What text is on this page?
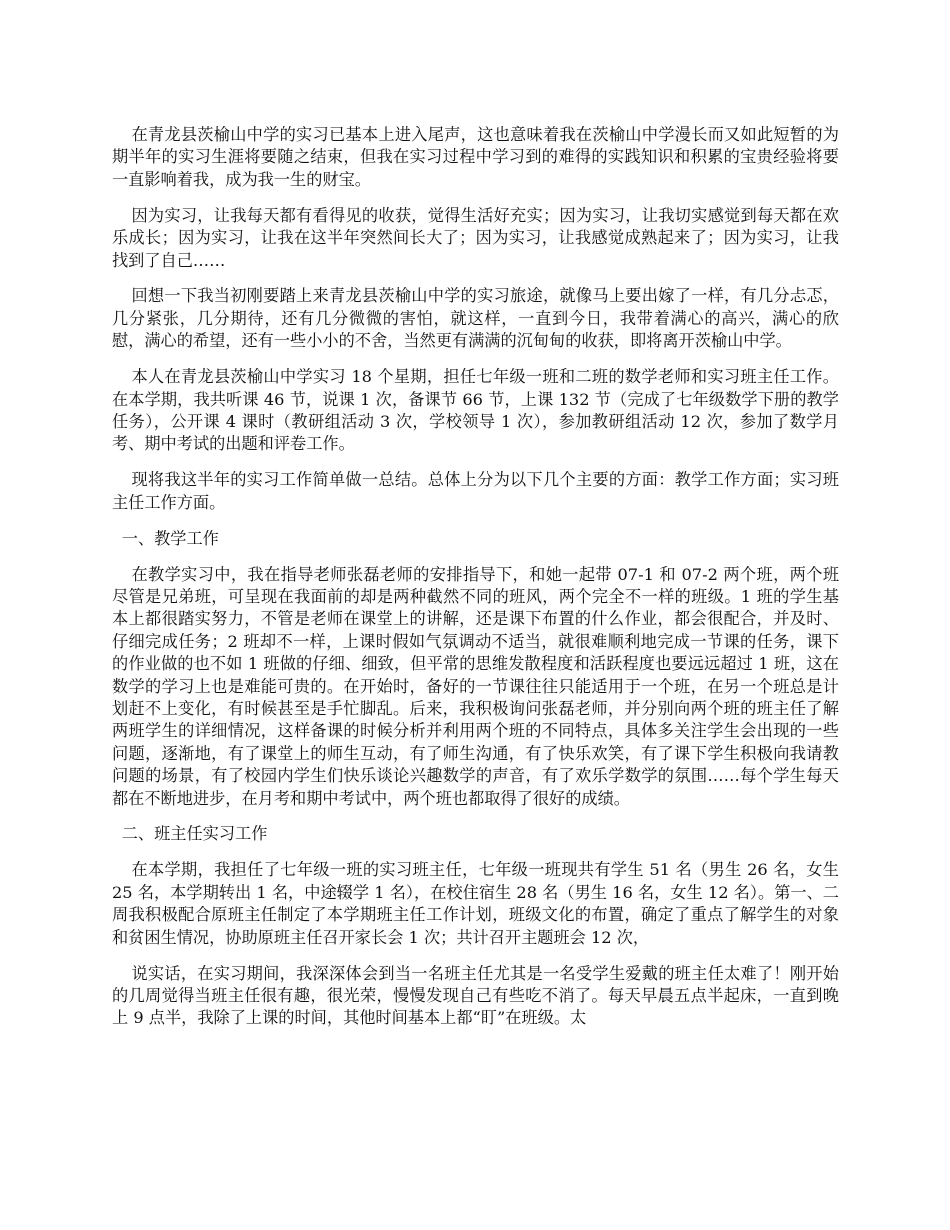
在青龙县茨榆山中学的实习已基本上进入尾声，这也意味着我在茨榆山中学漫长而又如此短暂的为期半年的实习生涯将要随之结束，但我在实习过程中学习到的难得的实践知识和积累的宝贵经验将要一直影响着我，成为我一生的财宝。

因为实习，让我每天都有看得见的收获，觉得生活好充实；因为实习，让我切实感觉到每天都在欢乐成长；因为实习，让我在这半年突然间长大了；因为实习，让我感觉成熟起来了；因为实习，让我找到了自己……

回想一下我当初刚要踏上来青龙县茨榆山中学的实习旅途，就像马上要出嫁了一样，有几分忐忑，几分紧张，几分期待，还有几分微微的害怕，就这样，一直到今日，我带着满心的高兴，满心的欣慰，满心的希望，还有一些小小的不舍，当然更有满满的沉甸甸的收获，即将离开茨榆山中学。

本人在青龙县茨榆山中学实习 18 个星期，担任七年级一班和二班的数学老师和实习班主任工作。在本学期，我共听课 46 节，说课 1 次，备课节 66 节，上课 132 节（完成了七年级数学下册的教学任务），公开课 4 课时（教研组活动 3 次，学校领导 1 次），参加教研组活动 12 次，参加了数学月考、期中考试的出题和评卷工作。

现将我这半年的实习工作简单做一总结。总体上分为以下几个主要的方面：教学工作方面；实习班主任工作方面。

一、教学工作

在教学实习中，我在指导老师张磊老师的安排指导下，和她一起带 07-1 和 07-2 两个班，两个班尽管是兄弟班，可呈现在我面前的却是两种截然不同的班风，两个完全不一样的班级。1 班的学生基本上都很踏实努力，不管是老师在课堂上的讲解，还是课下布置的什么作业，都会很配合，并及时、仔细完成任务；2 班却不一样，上课时假如气氛调动不适当，就很难顺利地完成一节课的任务，课下的作业做的也不如 1 班做的仔细、细致，但平常的思维发散程度和活跃程度也要远远超过 1 班，这在数学的学习上也是难能可贵的。在开始时，备好的一节课往往只能适用于一个班，在另一个班总是计划赶不上变化，有时候甚至是手忙脚乱。后来，我积极询问张磊老师，并分别向两个班的班主任了解两班学生的详细情况，这样备课的时候分析并利用两个班的不同特点，具体多关注学生会出现的一些问题，逐渐地，有了课堂上的师生互动，有了师生沟通，有了快乐欢笑，有了课下学生积极向我请教问题的场景，有了校园内学生们快乐谈论兴趣数学的声音，有了欢乐学数学的氛围……每个学生每天都在不断地进步，在月考和期中考试中，两个班也都取得了很好的成绩。

二、班主任实习工作

在本学期，我担任了七年级一班的实习班主任，七年级一班现共有学生 51 名（男生 26 名，女生 25 名，本学期转出 1 名，中途辍学 1 名），在校住宿生 28 名（男生 16 名，女生 12 名）。第一、二周我积极配合原班主任制定了本学期班主任工作计划，班级文化的布置，确定了重点了解学生的对象和贫困生情况，协助原班主任召开家长会 1 次；共计召开主题班会 12 次，

说实话，在实习期间，我深深体会到当一名班主任尤其是一名受学生爱戴的班主任太难了！刚开始的几周觉得当班主任很有趣，很光荣，慢慢发现自己有些吃不消了。每天早晨五点半起床，一直到晚上 9 点半，我除了上课的时间，其他时间基本上都“盯”在班级。太
